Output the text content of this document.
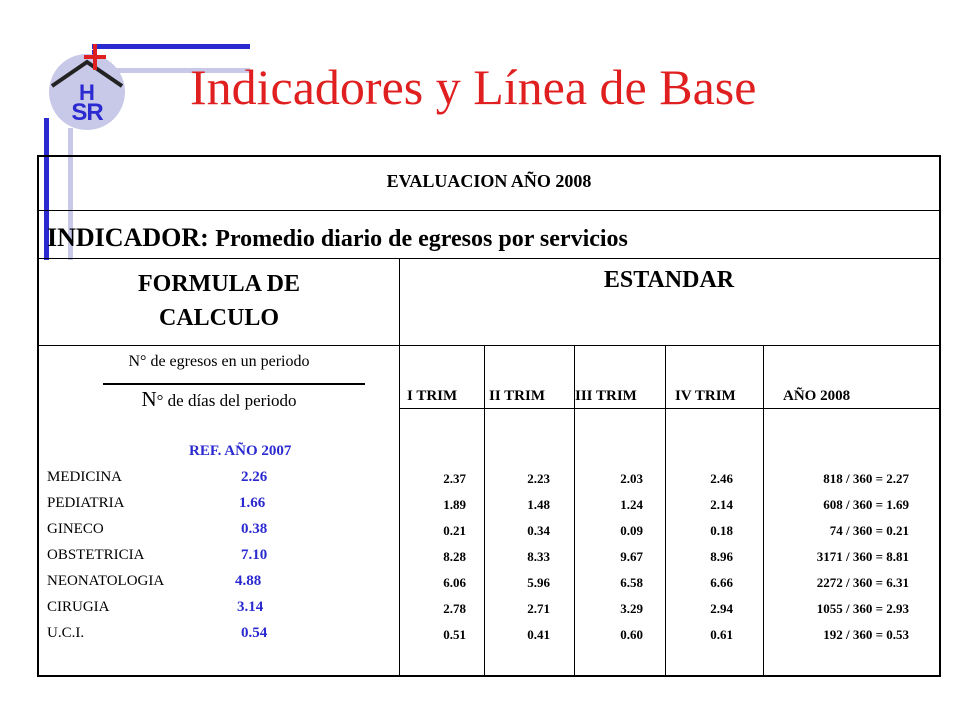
H
SR Indicadores y Línea de Base
EVALUACION AÑO 2008
INDICADOR: Promedio diario de egresos por servicios
FORMULA DE
CALCULO
ESTANDAR
N° de egresos en un periodo
N° de días del periodo
REF. AÑO 2007
MEDICINA	2.26
PEDIATRIA	1.66
GINECO	0.38
OBSTETRICIA	7.10
NEONATOLOGIA	4.88
CIRUGIA	3.14
U.C.I.	0.54
I TRIM II TRIM III TRIM	IV TRIM	AÑO 2008
2.37	2.23	2.03	2.46	818 / 360 = 2.27
1.89	1.48	1.24	2.14	608 / 360 = 1.69
0.21	0.34	0.09	0.18	74 / 360 = 0.21
8.28	8.33	9.67	8.96	3171 / 360 = 8.81
6.06	5.96	6.58	6.66	2272 / 360 = 6.31
2.78	2.71	3.29	2.94	1055 / 360 = 2.93
0.51	0.41	0.60	0.61	192 / 360 = 0.53
